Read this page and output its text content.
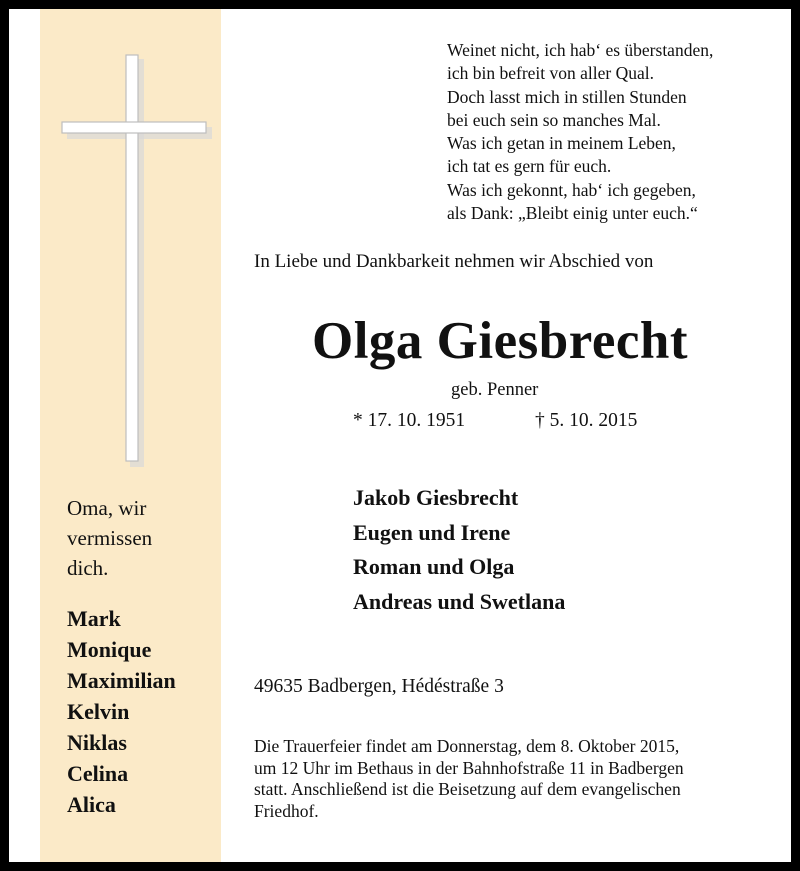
Oma, wir
vermissen
dich.
Mark
Monique
Maximilian
Kelvin
Niklas
Celina
Alica
Weinet nicht, ich hab‘ es überstanden,
ich bin befreit von aller Qual.
Doch lasst mich in stillen Stunden
bei euch sein so manches Mal.
Was ich getan in meinem Leben,
ich tat es gern für euch.
Was ich gekonnt, hab‘ ich gegeben,
als Dank: „Bleibt einig unter euch.“
In Liebe und Dankbarkeit nehmen wir Abschied von
Olga Giesbrecht
geb. Penner
* 17. 10. 1951	† 5. 10. 2015
Jakob Giesbrecht
Eugen und Irene
Roman und Olga
Andreas und Swetlana
49635 Badbergen, Hédéstraße 3
Die Trauerfeier findet am Donnerstag, dem 8. Oktober 2015,
um 12 Uhr im Bethaus in der Bahnhofstraße 11 in Badbergen
statt. Anschließend ist die Beisetzung auf dem evangelischen
Friedhof.
